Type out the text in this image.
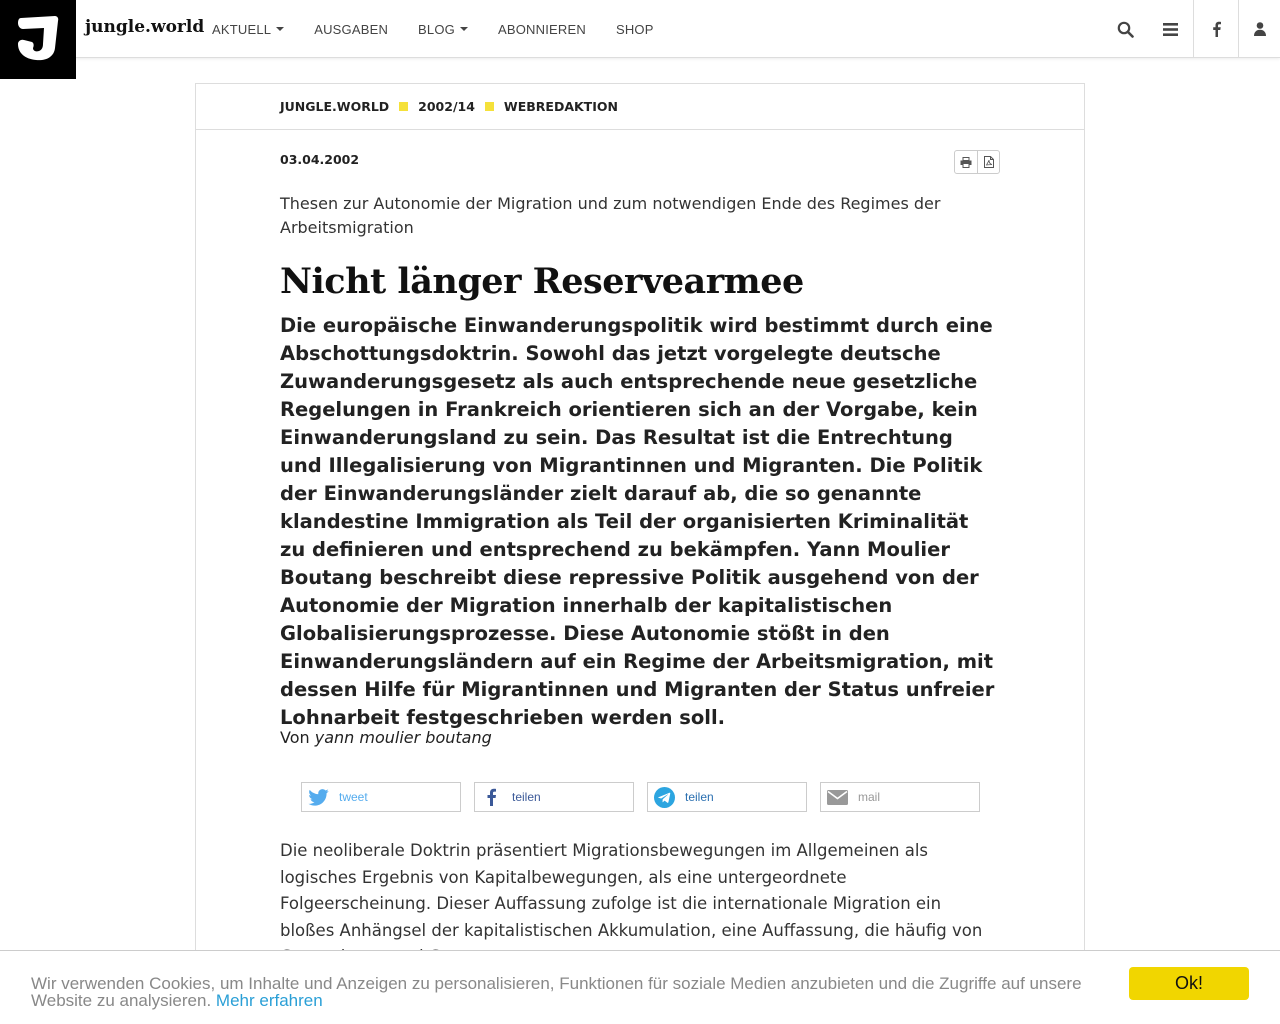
jungle.world AKTUELL	AUSGABEN BLOG	ABONNIEREN SHOP
JUNGLE.WORLD 2002/14 WEBREDAKTION
03.04.2002
Thesen zur Autonomie der Migration und zum notwendigen Ende des Regimes der Arbeitsmigration
Nicht länger Reservearmee
Die europäische Einwanderungspolitik wird bestimmt durch eine Abschottungsdoktrin. Sowohl das jetzt vorgelegte deutsche Zuwanderungsgesetz als auch entsprechende neue gesetzliche Regelungen in Frankreich orientieren sich an der Vorgabe, kein Einwanderungsland zu sein. Das Resultat ist die Entrechtung und Illegalisierung von Migrantinnen und Migranten. Die Politik der Einwanderungsländer zielt darauf ab, die so genannte klandestine Immigration als Teil der organisierten Kriminalität zu definieren und entsprechend zu bekämpfen. Yann Moulier Boutang beschreibt diese repressive Politik ausgehend von der Autonomie der Migration innerhalb der kapitalistischen Globalisierungsprozesse. Diese Autonomie stößt in den Einwanderungsländern auf ein Regime der Arbeitsmigration, mit dessen Hilfe für Migrantinnen und Migranten der Status unfreier Lohnarbeit festgeschrieben werden soll.
Von yann moulier boutang
tweet	teilen	teilen	mail
Die neoliberale Doktrin präsentiert Migrationsbewegungen im Allgemeinen als logisches Ergebnis von Kapitalbewegungen, als eine untergeordnete Folgeerscheinung. Dieser Auffassung zufolge ist die internationale Migration ein bloßes Anhängsel der kapitalistischen Akkumulation, eine Auffassung, die häufig von
Wir verwenden Cookies, um Inhalte und Anzeigen zu personalisieren, Funktionen für soziale Medien anzubieten und die Zugriffe auf unsere Website zu analysieren. Mehr erfahren
Ok!
